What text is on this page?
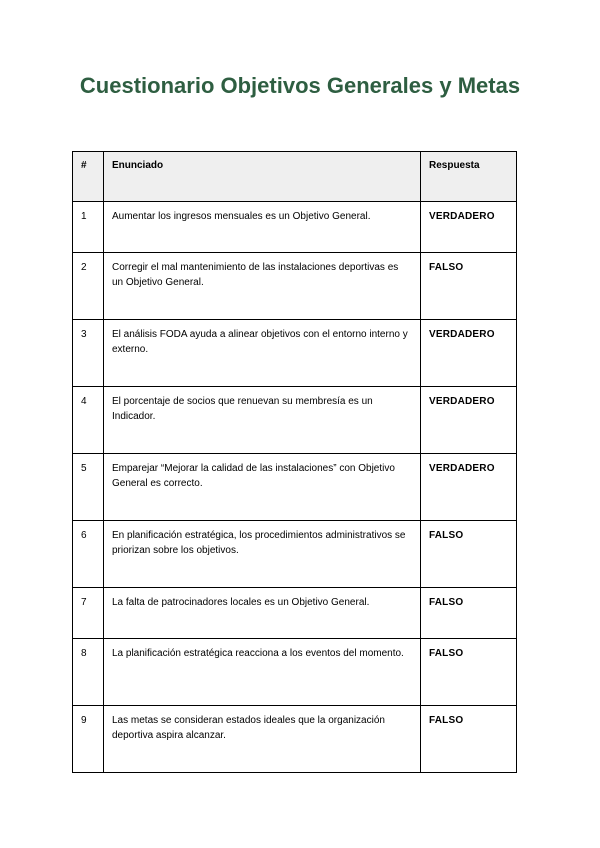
Cuestionario Objetivos Generales y Metas
#	Enunciado	Respuesta
1	Aumentar los ingresos mensuales es un Objetivo General.	VERDADERO
2	Corregir el mal mantenimiento de las instalaciones deportivas es un Objetivo General.	FALSO
3	El análisis FODA ayuda a alinear objetivos con el entorno interno y externo.	VERDADERO
4	El porcentaje de socios que renuevan su membresía es un Indicador.	VERDADERO
5	Emparejar “Mejorar la calidad de las instalaciones” con Objetivo General es correcto.	VERDADERO
6	En planificación estratégica, los procedimientos administrativos se priorizan sobre los objetivos.	FALSO
7	La falta de patrocinadores locales es un Objetivo General.	FALSO
8	La planificación estratégica reacciona a los eventos del momento.	FALSO
9	Las metas se consideran estados ideales que la organización deportiva aspira alcanzar.	FALSO
